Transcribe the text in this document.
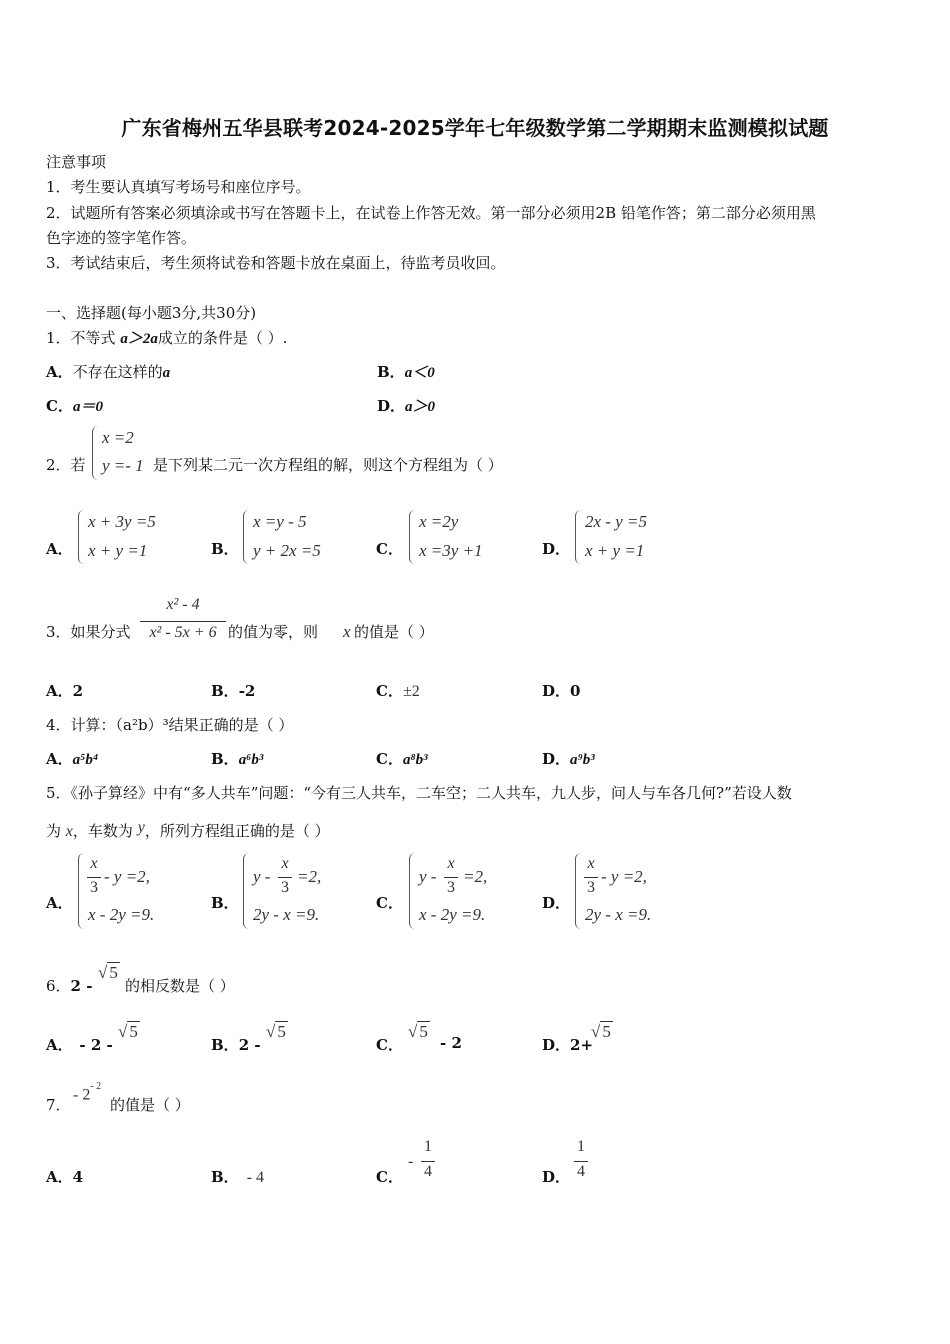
广东省梅州五华县联考2024-2025学年七年级数学第二学期期末监测模拟试题
注意事项
1．考生要认真填写考场号和座位序号。
2．试题所有答案必须填涂或书写在答题卡上，在试卷上作答无效。第一部分必须用2B 铅笔作答；第二部分必须用黑
色字迹的签字笔作答。
3．考试结束后，考生须将试卷和答题卡放在桌面上，待监考员收回。
一、选择题(每小题3分,共30分)
1．不等式 a＞2a成立的条件是（ ）.
A．不存在这样的a	B．a＜0
C．a＝0	D．a＞0
2．若
x =2
y =- 1 是下列某二元一次方程组的解，则这个方程组为（ ）
A．
x + 3y =5
x + y =1	B．
x =y - 5
y + 2x =5	C．
x =2y
x =3y +1	D．
2x - y =5
x + y =1
3．如果分式
x² - 4
x² - 5x + 6 的值为零，则 x 的值是（ ）
A．2	B．-2	C．±2	D．0
4．计算：（a²b）³结果正确的是（ ）
A．a⁵b⁴	B．a⁶b³	C．a⁸b³	D．a⁹b³
5．《孙子算经》中有“多人共车”问题：“今有三人共车，二车空；二人共车，九人步，问人与车各几何?”若设人数
为 x，车数为 y，所列方程组正确的是（ ）
A．
x
3
- y =2,
x - 2y =9.
B．
y -
x
3
=2,
2y - x =9.
C．
y -
x
3
=2,
x - 2y =9.
D．
x
3
- y =2,
2y - x =9.
6．2 -
√ 5
的相反数是（ ）
A． - 2 -
√ 5
B．2 -
√ 5
C．
√ 5
- 2	D．2+
√ 5
7．
- $2^{- 2}$
的值是（ ）
A．4	B． - 4	C．
-
1
4	D．
1
4
